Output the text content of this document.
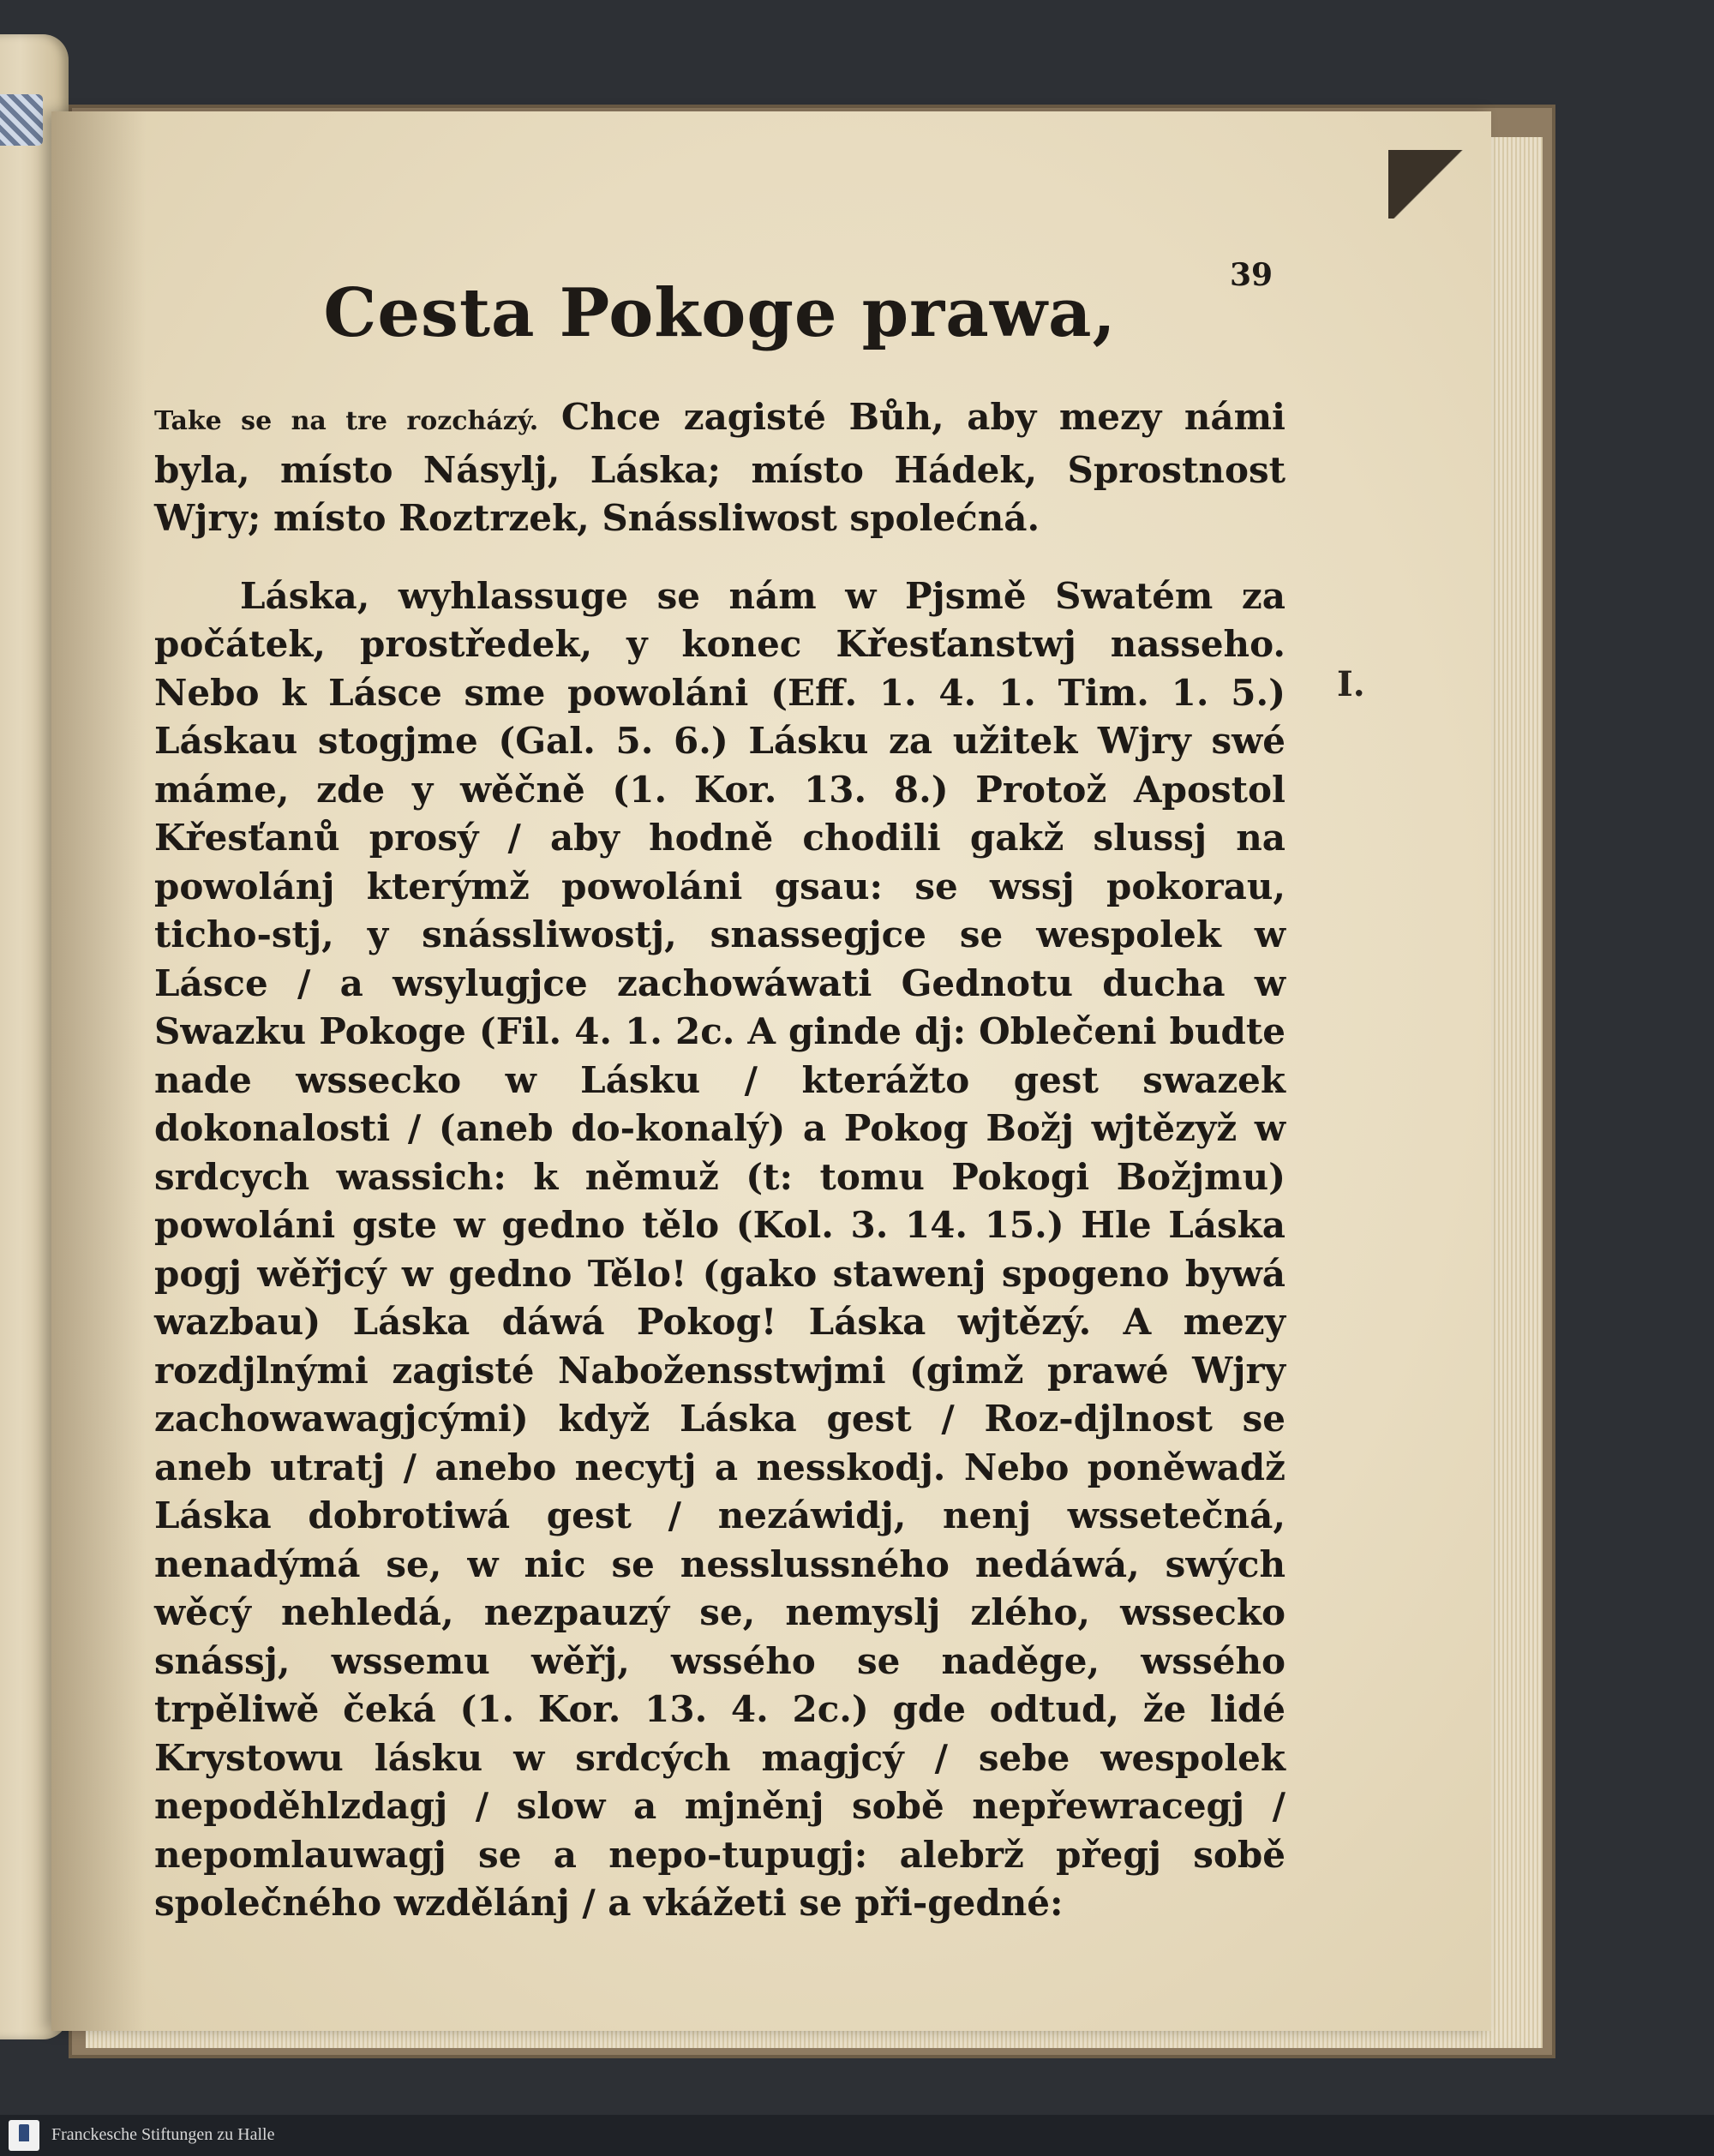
39
Cesta Pokoge prawa,

Take se na tre rozcházý. Chce zagisté Bůh, aby mezy námi byla, místo Násylj, Láska; místo Hádek, Sprostnost Wjry; místo Roztrzek, Snássliwost spolećná.

Láska, wyhlassuge se nám w Pjsmě Swatém za počátek, prostředek, y konec Křesťanstwj nasseho. Nebo k Lásce sme powoláni (Eff. 1. 4. 1. Tim. 1. 5.) Láskau stogjme (Gal. 5. 6.) Lásku za užitek Wjry swé máme, zde y wěčně (1. Kor. 13. 8.) Protož Apostol Křesťanů prosý / aby hodně chodili gakž slussj na powolánj kterýmž powoláni gsau: se wssj pokorau, ticho-stj, y snássliwostj, snassegjce se wespolek w Lásce / a wsylugjce zachowáwati Gednotu ducha w Swazku Pokoge (Fil. 4. 1. 2c. A ginde dj: Oblečeni budte nade wssecko w Lásku / kterážto gest swazek dokonalosti / (aneb do-konalý) a Pokog Božj wjtězyž w srdcych wassich: k němuž (t: tomu Pokogi Božjmu) powoláni gste w gedno tělo (Kol. 3. 14. 15.) Hle Láska pogj wěřjcý w gedno Tělo! (gako stawenj spogeno bywá wazbau) Láska dáwá Pokog! Láska wjtězý. A mezy rozdjlnými zagisté Nabožensstwjmi (gimž prawé Wjry zachowawagjcými) když Láska gest / Roz-djlnost se aneb utratj / anebo necytj a nesskodj. Nebo poněwadž Láska dobrotiwá gest / nezáwidj, nenj wssetečná, nenadýmá se, w nic se nesslussného nedáwá, swých wěcý nehledá, nezpauzý se, nemyslj zlého, wssecko snássj, wssemu wěřj, wssého se naděge, wssého trpěliwě čeká (1. Kor. 13. 4. 2c.) gde odtud, že lidé Krystowu lásku w srdcých magjcý / sebe wespolek nepoděhlzdagj / slow a mjněnj sobě nepřewracegj / nepomlauwagj se a nepo-tupugj: alebrž přegj sobě společného wzdělánj / a vkážeti se při-gedné:

I.
Franckesche Stiftungen zu Halle
